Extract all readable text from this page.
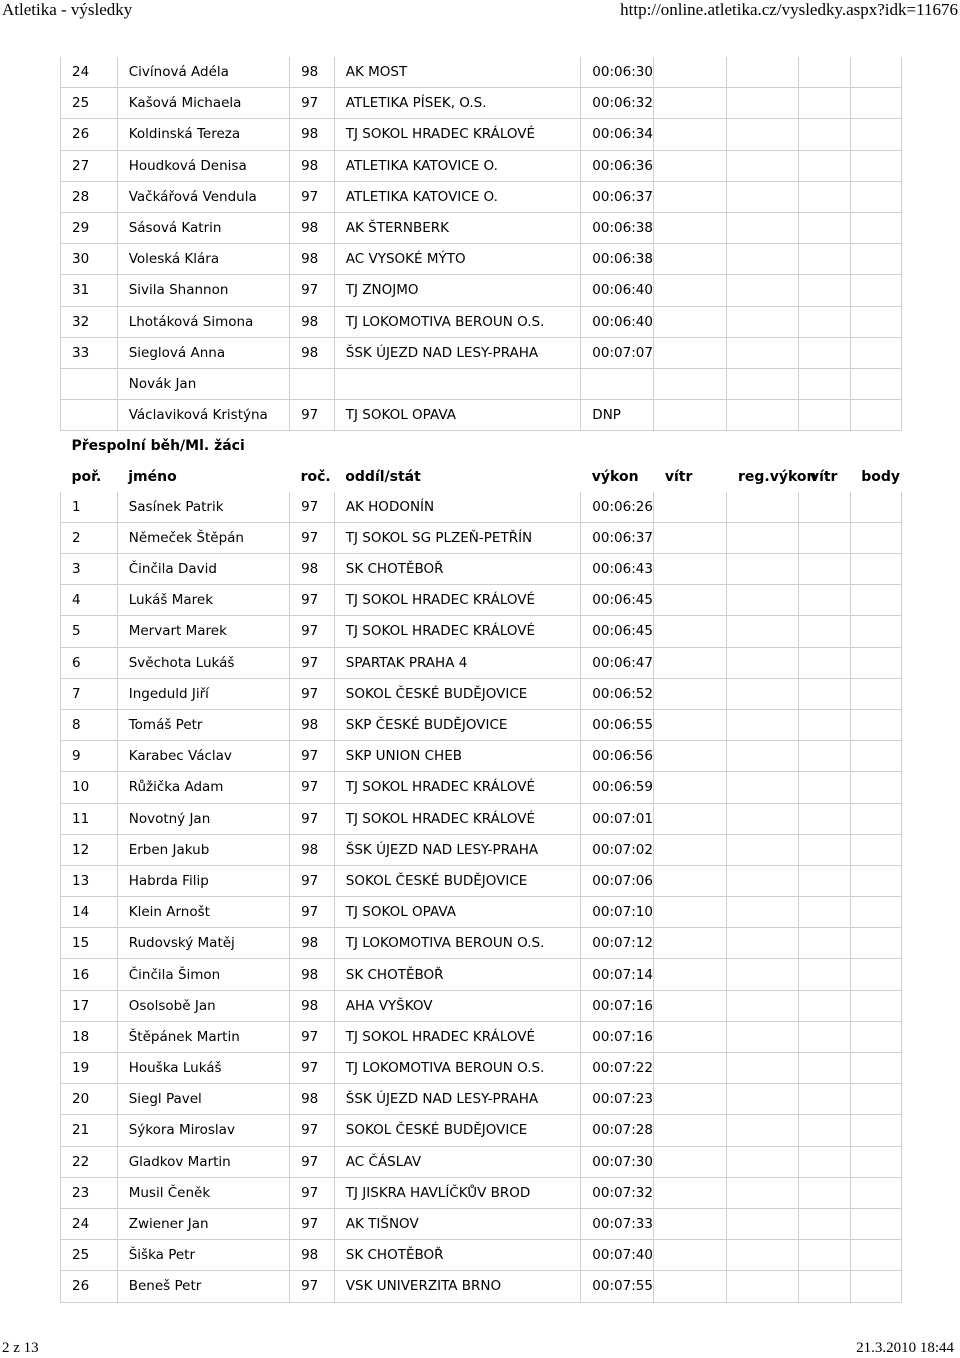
Atletika - výsledky	http://online.atletika.cz/vysledky.aspx?idk=11676
24	Civínová Adéla	98	AK MOST	00:06:30				
25	Kašová Michaela	97	ATLETIKA PÍSEK, O.S.	00:06:32				
26	Koldinská Tereza	98	TJ SOKOL HRADEC KRÁLOVÉ	00:06:34				
27	Houdková Denisa	98	ATLETIKA KATOVICE O.	00:06:36				
28	Vačkářová Vendula	97	ATLETIKA KATOVICE O.	00:06:37				
29	Sásová Katrin	98	AK ŠTERNBERK	00:06:38				
30	Voleská Klára	98	AC VYSOKÉ MÝTO	00:06:38				
31	Sivila Shannon	97	TJ ZNOJMO	00:06:40				
32	Lhotáková Simona	98	TJ LOKOMOTIVA BEROUN O.S.	00:06:40				
33	Sieglová Anna	98	ŠSK ÚJEZD NAD LESY-PRAHA	00:07:07				
	Novák Jan							
	Václaviková Kristýna	97	TJ SOKOL OPAVA	DNP				
Přespolní běh/Ml. žáci								
poř.	jméno	roč.	oddíl/stát	výkon	vítr	reg.výkon	vítr	body
1	Sasínek Patrik	97	AK HODONÍN	00:06:26				
2	Němeček Štěpán	97	TJ SOKOL SG PLZEŇ-PETŘÍN	00:06:37				
3	Činčila David	98	SK CHOTĚBOŘ	00:06:43				
4	Lukáš Marek	97	TJ SOKOL HRADEC KRÁLOVÉ	00:06:45				
5	Mervart Marek	97	TJ SOKOL HRADEC KRÁLOVÉ	00:06:45				
6	Svěchota Lukáš	97	SPARTAK PRAHA 4	00:06:47				
7	Ingeduld Jiří	97	SOKOL ČESKÉ BUDĚJOVICE	00:06:52				
8	Tomáš Petr	98	SKP ČESKÉ BUDĚJOVICE	00:06:55				
9	Karabec Václav	97	SKP UNION CHEB	00:06:56				
10	Růžička Adam	97	TJ SOKOL HRADEC KRÁLOVÉ	00:06:59				
11	Novotný Jan	97	TJ SOKOL HRADEC KRÁLOVÉ	00:07:01				
12	Erben Jakub	98	ŠSK ÚJEZD NAD LESY-PRAHA	00:07:02				
13	Habrda Filip	97	SOKOL ČESKÉ BUDĚJOVICE	00:07:06				
14	Klein Arnošt	97	TJ SOKOL OPAVA	00:07:10				
15	Rudovský Matěj	98	TJ LOKOMOTIVA BEROUN O.S.	00:07:12				
16	Činčila Šimon	98	SK CHOTĚBOŘ	00:07:14				
17	Osolsobě Jan	98	AHA VYŠKOV	00:07:16				
18	Štěpánek Martin	97	TJ SOKOL HRADEC KRÁLOVÉ	00:07:16				
19	Houška Lukáš	97	TJ LOKOMOTIVA BEROUN O.S.	00:07:22				
20	Siegl Pavel	98	ŠSK ÚJEZD NAD LESY-PRAHA	00:07:23				
21	Sýkora Miroslav	97	SOKOL ČESKÉ BUDĚJOVICE	00:07:28				
22	Gladkov Martin	97	AC ČÁSLAV	00:07:30				
23	Musil Čeněk	97	TJ JISKRA HAVLÍČKŮV BROD	00:07:32				
24	Zwiener Jan	97	AK TIŠNOV	00:07:33				
25	Šiška Petr	98	SK CHOTĚBOŘ	00:07:40				
26	Beneš Petr	97	VSK UNIVERZITA BRNO	00:07:55				
2 z 13	21.3.2010 18:44
